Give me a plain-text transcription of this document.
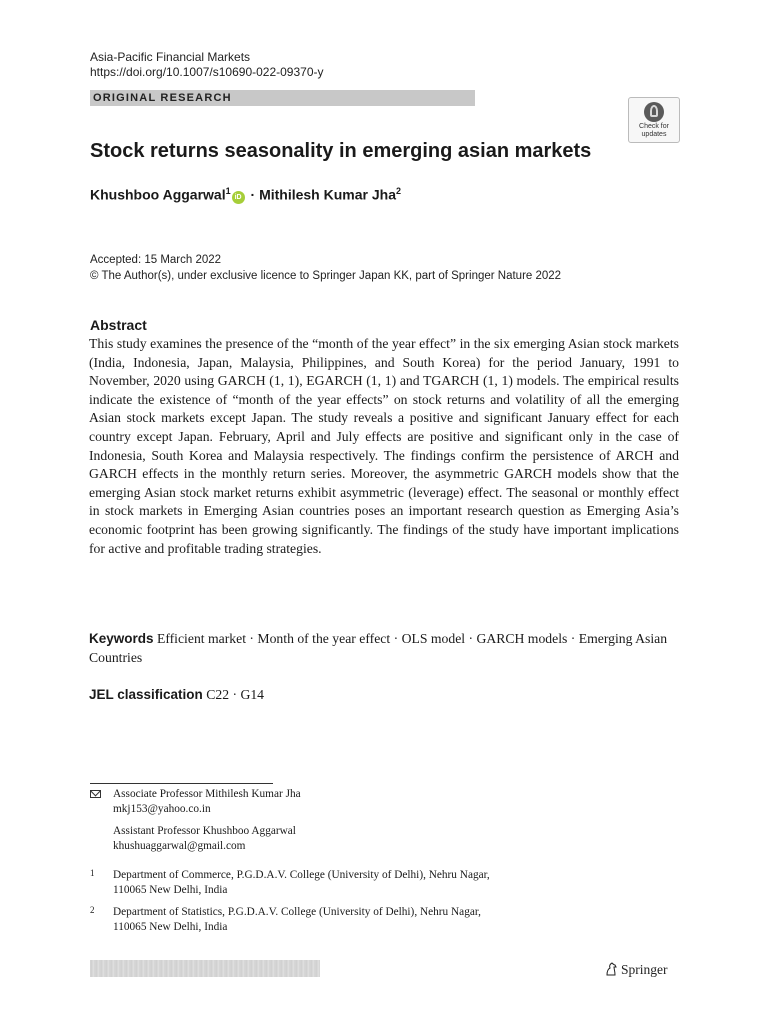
Asia-Pacific Financial Markets
https://doi.org/10.1007/s10690-022-09370-y
ORIGINAL RESEARCH
Check for
updates
Stock returns seasonality in emerging asian markets
Khushboo Aggarwal$^1$iD · Mithilesh Kumar Jha$^2$
Accepted: 15 March 2022
© The Author(s), under exclusive licence to Springer Japan KK, part of Springer Nature 2022
Abstract
This study examines the presence of the “month of the year effect” in the six emerging Asian stock markets (India, Indonesia, Japan, Malaysia, Philippines, and South Korea) for the period January, 1991 to November, 2020 using GARCH (1, 1), EGARCH (1, 1) and TGARCH (1, 1) models. The empirical results indicate the existence of “month of the year effects” on stock returns and volatility of all the emerging Asian stock markets except Japan. The study reveals a positive and significant January effect for each country except Japan. February, April and July effects are positive and significant only in the case of Indonesia, South Korea and Malaysia respectively. The findings confirm the persistence of ARCH and GARCH effects in the monthly return series. Moreover, the asymmetric GARCH models show that the emerging Asian stock market returns exhibit asymmetric (leverage) effect. The seasonal or monthly effect in stock markets in Emerging Asian countries poses an important research question as Emerging Asia’s economic footprint has been growing significantly. The findings of the study have important implications for active and profitable trading strategies.
Keywords Efficient market · Month of the year effect · OLS model · GARCH models · Emerging Asian Countries
JEL classification C22 · G14
Associate Professor Mithilesh Kumar Jha
mkj153@yahoo.co.in
Assistant Professor Khushboo Aggarwal
khushuaggarwal@gmail.com
1 Department of Commerce, P.G.D.A.V. College (University of Delhi), Nehru Nagar,
110065 New Delhi, India
2 Department of Statistics, P.G.D.A.V. College (University of Delhi), Nehru Nagar,
110065 New Delhi, India
Springer
